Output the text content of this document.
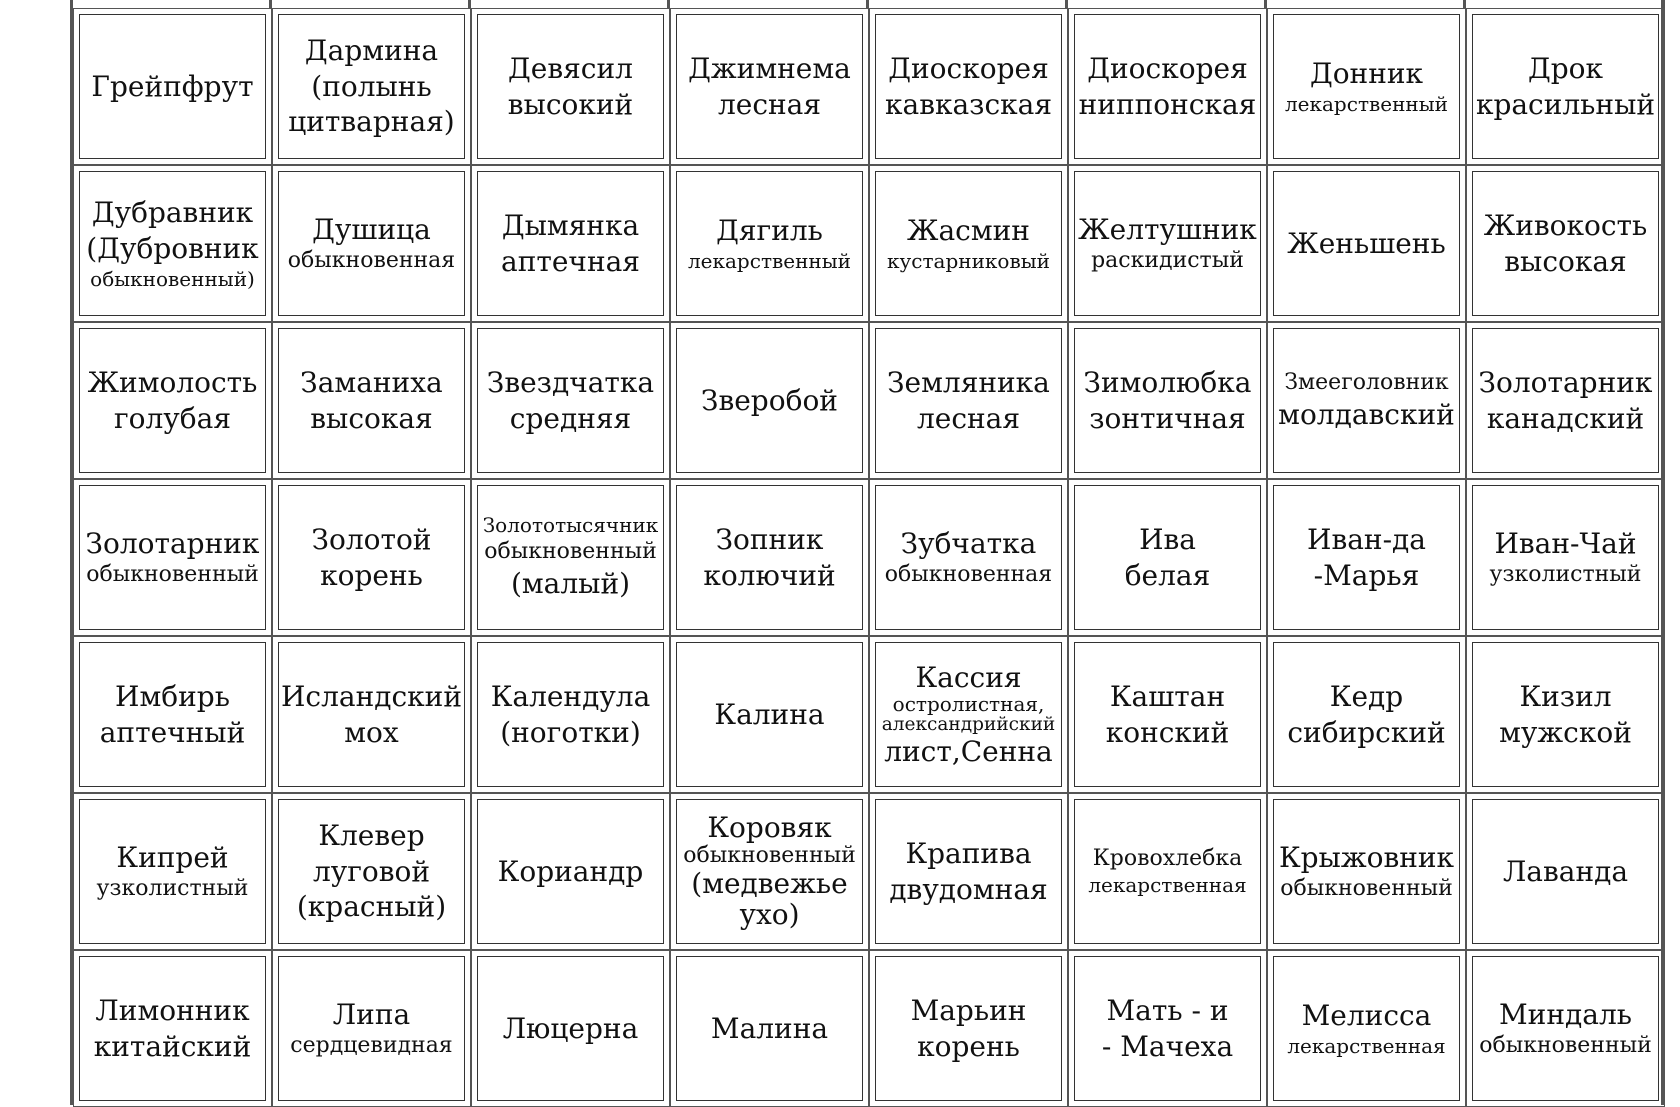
Грейпфрут
Дармина
(полынь
цитварная)
Девясил
высокий
Джимнема
лесная
Диоскорея
кавказская
Диоскорея
ниппонская
Донник
лекарственный
Дрок
красильный
Дубравник
(Дубровник
обыкновенный)
Душица
обыкновенная
Дымянка
аптечная
Дягиль
лекарственный
Жасмин
кустарниковый
Желтушник
раскидистый
Женьшень
Живокость
высокая
Жимолость
голубая
Заманиха
высокая
Звездчатка
средняя
Зверобой
Земляника
лесная
Зимолюбка
зонтичная
Змееголовник
молдавский
Золотарник
канадский
Золотарник
обыкновенный
Золотой
корень
Золототысячник
обыкновенный
(малый)
Зопник
колючий
Зубчатка
обыкновенная
Ива
белая
Иван-да
-Марья
Иван-Чай
узколистный
Имбирь
аптечный
Исландский
мох
Календула
(ноготки)
Калина
Кассия
остролистная,
александрийский
лист,Сенна
Каштан
конский
Кедр
сибирский
Кизил
мужской
Кипрей
узколистный
Клевер
луговой
(красный)
Кориандр
Коровяк
обыкновенный
(медвежье
ухо)
Крапива
двудомная
Кровохлебка
лекарственная
Крыжовник
обыкновенный
Лаванда
Лимонник
китайский
Липа
сердцевидная
Люцерна	Малина
Марьин
корень
Мать - и
- Мачеха
Мелисса
лекарственная
Миндаль
обыкновенный
